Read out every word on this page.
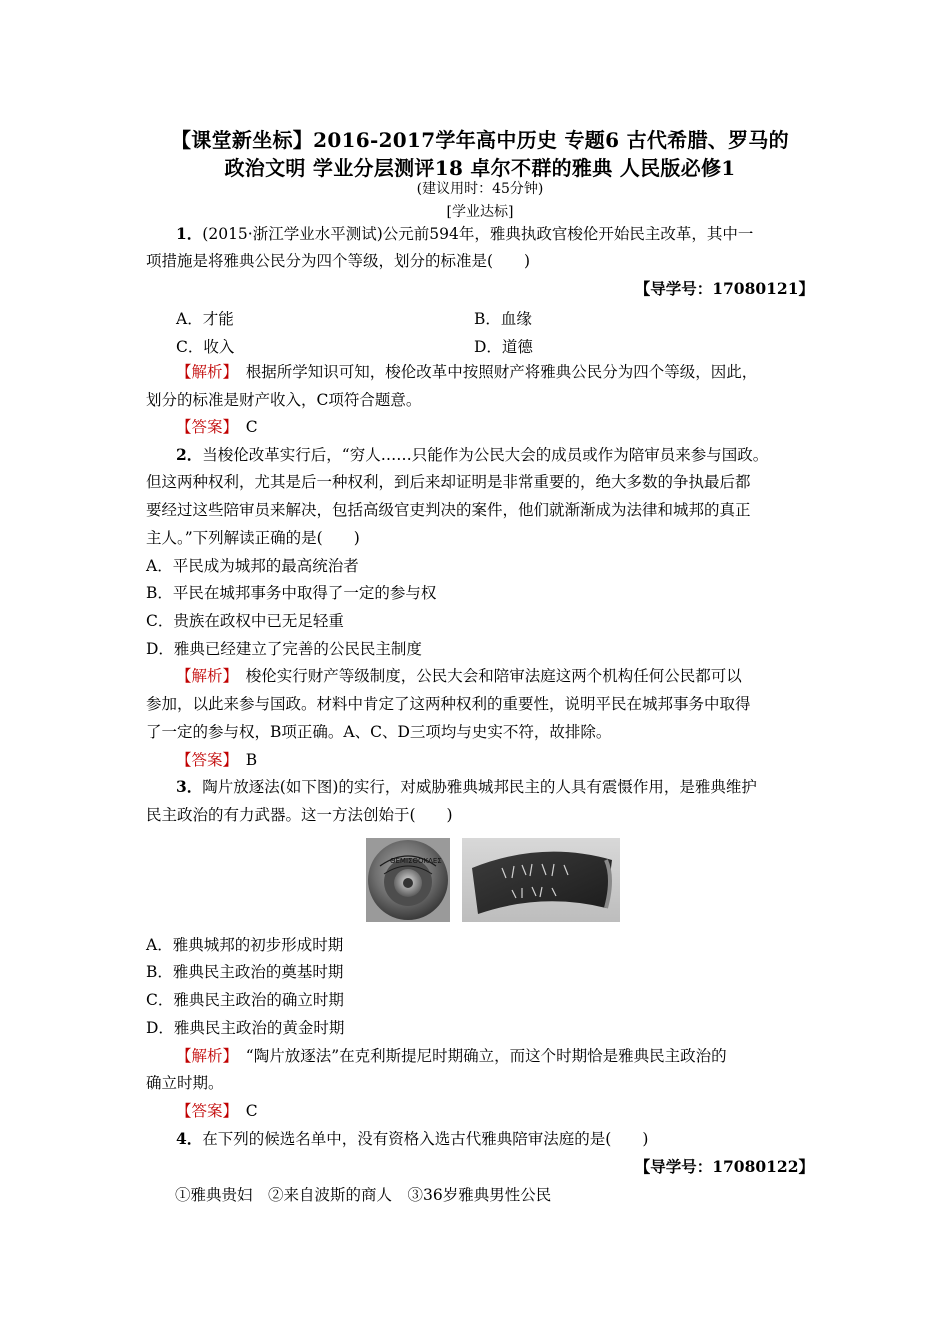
【课堂新坐标】2016-2017学年高中历史 专题6 古代希腊、罗马的
政治文明 学业分层测评18 卓尔不群的雅典 人民版必修1
(建议用时：45分钟)
[学业达标]
1．(2015·浙江学业水平测试)公元前594年，雅典执政官梭伦开始民主改革，其中一
项措施是将雅典公民分为四个等级，划分的标准是(　　)
【导学号：17080121】
A．才能	B．血缘
C．收入	D．道德
【解析】　根据所学知识可知，梭伦改革中按照财产将雅典公民分为四个等级，因此，
划分的标准是财产收入，C项符合题意。
【答案】　C
2．当梭伦改革实行后，“穷人……只能作为公民大会的成员或作为陪审员来参与国政。
但这两种权利，尤其是后一种权利，到后来却证明是非常重要的，绝大多数的争执最后都
要经过这些陪审员来解决，包括高级官吏判决的案件，他们就渐渐成为法律和城邦的真正
主人。”下列解读正确的是(　　)
A．平民成为城邦的最高统治者
B．平民在城邦事务中取得了一定的参与权
C．贵族在政权中已无足轻重
D．雅典已经建立了完善的公民民主制度
【解析】　梭伦实行财产等级制度，公民大会和陪审法庭这两个机构任何公民都可以
参加，以此来参与国政。材料中肯定了这两种权利的重要性，说明平民在城邦事务中取得
了一定的参与权，B项正确。A、C、D三项均与史实不符，故排除。
【答案】　B
3．陶片放逐法(如下图)的实行，对威胁雅典城邦民主的人具有震慑作用，是雅典维护
民主政治的有力武器。这一方法创始于(　　)
ΘΕΜΙΣΘΟΚΛΕΣ
A．雅典城邦的初步形成时期
B．雅典民主政治的奠基时期
C．雅典民主政治的确立时期
D．雅典民主政治的黄金时期
【解析】　“陶片放逐法”在克利斯提尼时期确立，而这个时期恰是雅典民主政治的
确立时期。
【答案】　C
4．在下列的候选名单中，没有资格入选古代雅典陪审法庭的是(　　)
【导学号：17080122】
①雅典贵妇　②来自波斯的商人　③36岁雅典男性公民
